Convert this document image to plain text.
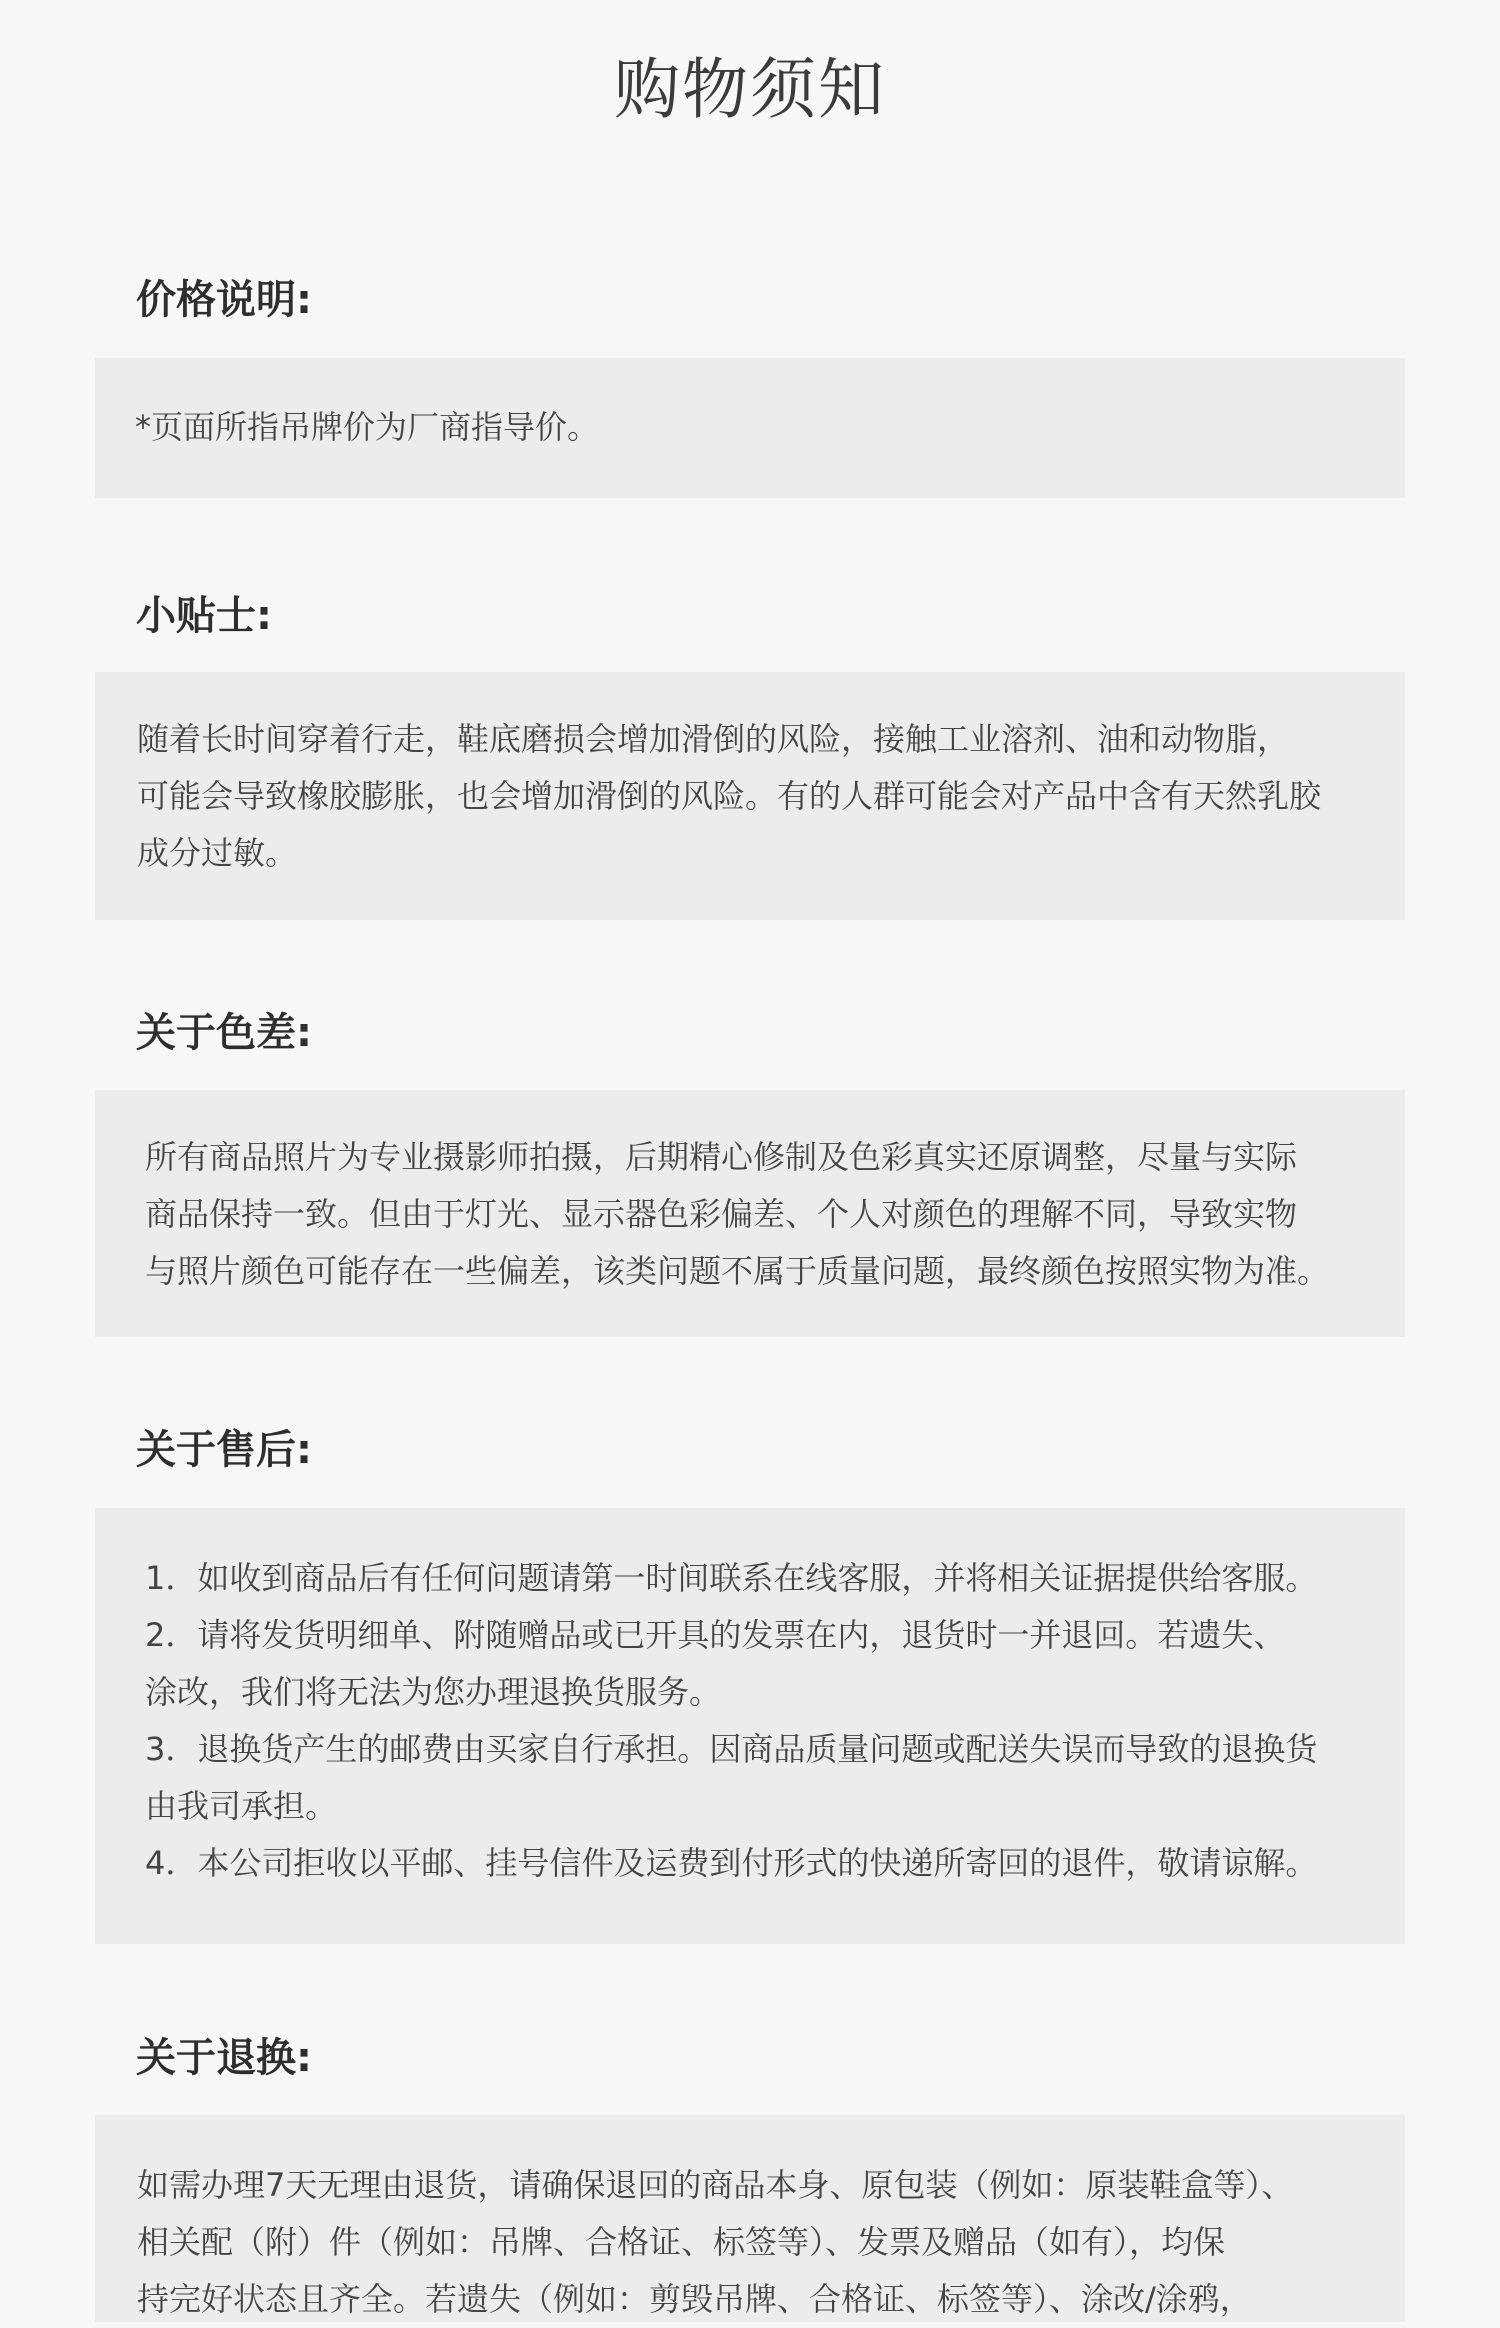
购物须知
价格说明:
*页面所指吊牌价为厂商指导价。
小贴士:
随着长时间穿着行走，鞋底磨损会增加滑倒的风险，接触工业溶剂、油和动物脂，
可能会导致橡胶膨胀，也会增加滑倒的风险。有的人群可能会对产品中含有天然乳胶
成分过敏。
关于色差:
所有商品照片为专业摄影师拍摄，后期精心修制及色彩真实还原调整，尽量与实际
商品保持一致。但由于灯光、显示器色彩偏差、个人对颜色的理解不同，导致实物
与照片颜色可能存在一些偏差，该类问题不属于质量问题，最终颜色按照实物为准。
关于售后:
1．如收到商品后有任何问题请第一时间联系在线客服，并将相关证据提供给客服。
2．请将发货明细单、附随赠品或已开具的发票在内，退货时一并退回。若遗失、
涂改，我们将无法为您办理退换货服务。
3．退换货产生的邮费由买家自行承担。因商品质量问题或配送失误而导致的退换货
由我司承担。
4．本公司拒收以平邮、挂号信件及运费到付形式的快递所寄回的退件，敬请谅解。
关于退换:
如需办理7天无理由退货，请确保退回的商品本身、原包装（例如：原装鞋盒等）、
相关配（附）件（例如：吊牌、合格证、标签等）、发票及赠品（如有），均保
持完好状态且齐全。若遗失（例如：剪毁吊牌、合格证、标签等）、涂改/涂鸦，
